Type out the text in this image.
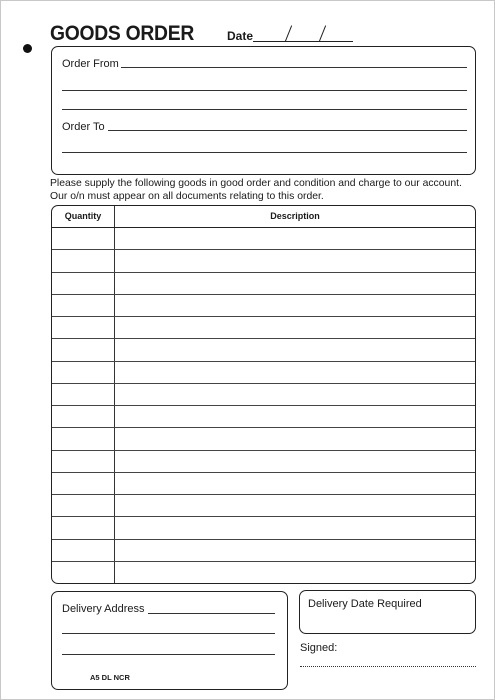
GOODS ORDER	Date
Order From
Order To
Please supply the following goods in good order and condition and charge to our account.
Our o/n must appear on all documents relating to this order.
Quantity	Description
Delivery Address
A5 DL NCR
Delivery Date Required
Signed:
